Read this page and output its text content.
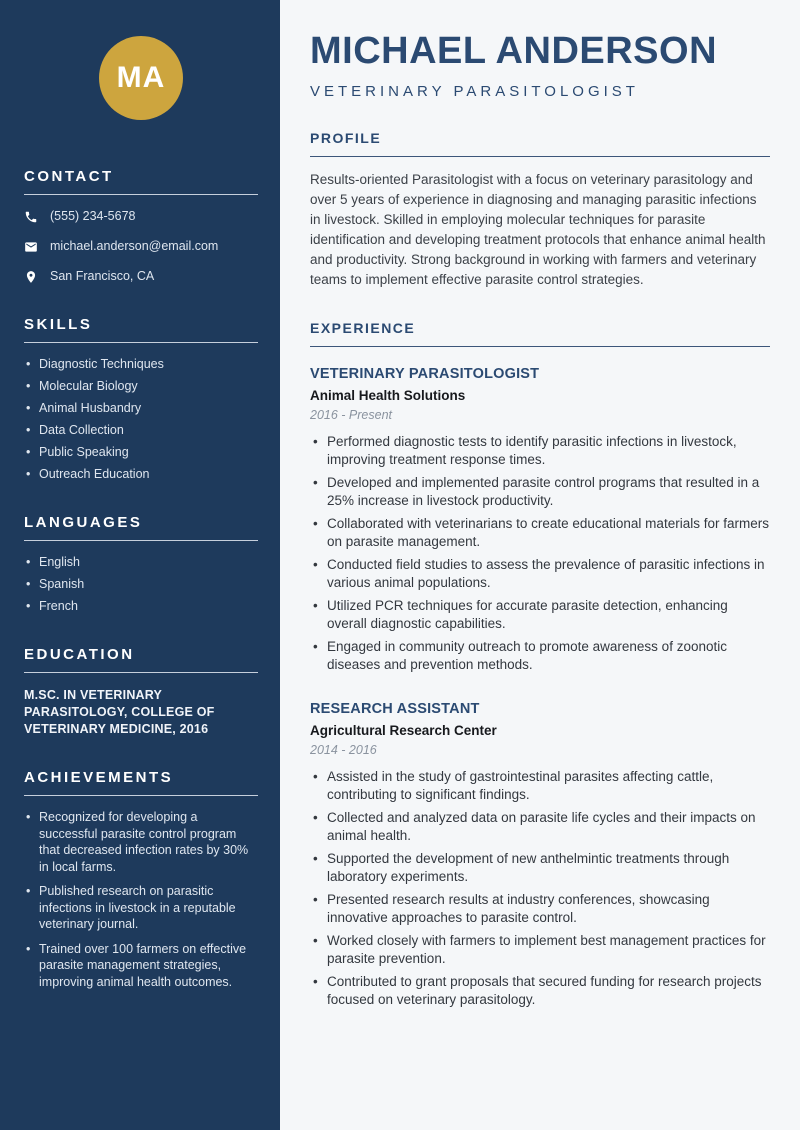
MA
CONTACT
(555) 234-5678
michael.anderson@email.com
San Francisco, CA
SKILLS
• Diagnostic Techniques
• Molecular Biology
• Animal Husbandry
• Data Collection
• Public Speaking
• Outreach Education
LANGUAGES
• English
• Spanish
• French
EDUCATION

M.SC. IN VETERINARY PARASITOLOGY, COLLEGE OF VETERINARY MEDICINE, 2016

ACHIEVEMENTS
• Recognized for developing a successful parasite control program that decreased infection rates by 30% in local farms.
• Published research on parasitic infections in livestock in a reputable veterinary journal.
• Trained over 100 farmers on effective parasite management strategies, improving animal health outcomes.
MICHAEL ANDERSON
VETERINARY PARASITOLOGIST
PROFILE

Results-oriented Parasitologist with a focus on veterinary parasitology and over 5 years of experience in diagnosing and managing parasitic infections in livestock. Skilled in employing molecular techniques for parasite identification and developing treatment protocols that enhance animal health and productivity. Strong background in working with farmers and veterinary teams to implement effective parasite control strategies.

EXPERIENCE
VETERINARY PARASITOLOGIST
Animal Health Solutions
2016 - Present
• Performed diagnostic tests to identify parasitic infections in livestock, improving treatment response times.
• Developed and implemented parasite control programs that resulted in a 25% increase in livestock productivity.
• Collaborated with veterinarians to create educational materials for farmers on parasite management.
• Conducted field studies to assess the prevalence of parasitic infections in various animal populations.
• Utilized PCR techniques for accurate parasite detection, enhancing overall diagnostic capabilities.
• Engaged in community outreach to promote awareness of zoonotic diseases and prevention methods.
RESEARCH ASSISTANT
Agricultural Research Center
2014 - 2016
• Assisted in the study of gastrointestinal parasites affecting cattle, contributing to significant findings.
• Collected and analyzed data on parasite life cycles and their impacts on animal health.
• Supported the development of new anthelmintic treatments through laboratory experiments.
• Presented research results at industry conferences, showcasing innovative approaches to parasite control.
• Worked closely with farmers to implement best management practices for parasite prevention.
• Contributed to grant proposals that secured funding for research projects focused on veterinary parasitology.
